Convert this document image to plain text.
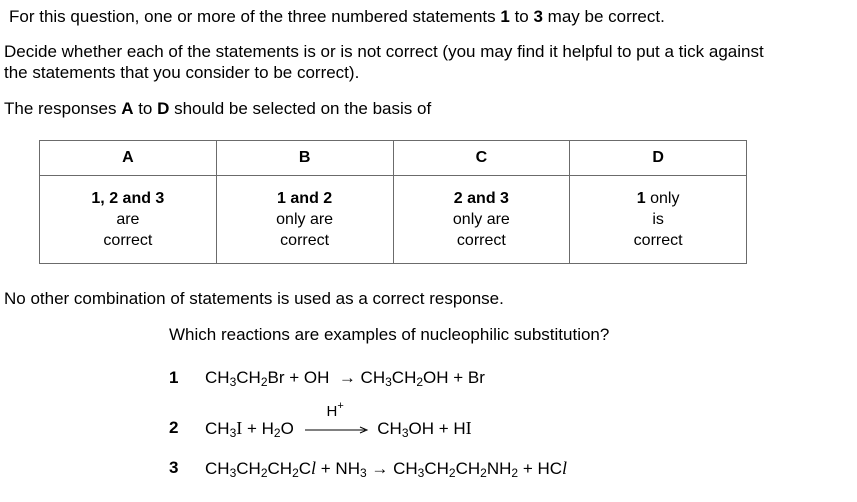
For this question, one or more of the three numbered statements 1 to 3 may be correct.
Decide whether each of the statements is or is not correct (you may find it helpful to put a tick against
the statements that you consider to be correct).
The responses A to D should be selected on the basis of
A	B	C	D
1, 2 and 3
are
correct	1 and 2
only are
correct	2 and 3
only are
correct	1 only
is
correct
No other combination of statements is used as a correct response.
Which reactions are examples of nucleophilic substitution?
1 $CH_3CH_2Br$ + OH  → $CH_3CH_2OH + Br$
2 $CH_3I + H_2O$
H+
$CH_3OH$ + HI
3 $CH_3CH_2CH_2Cl + NH_3 \to CH_3CH_2CH_2NH_2$ + HCl
